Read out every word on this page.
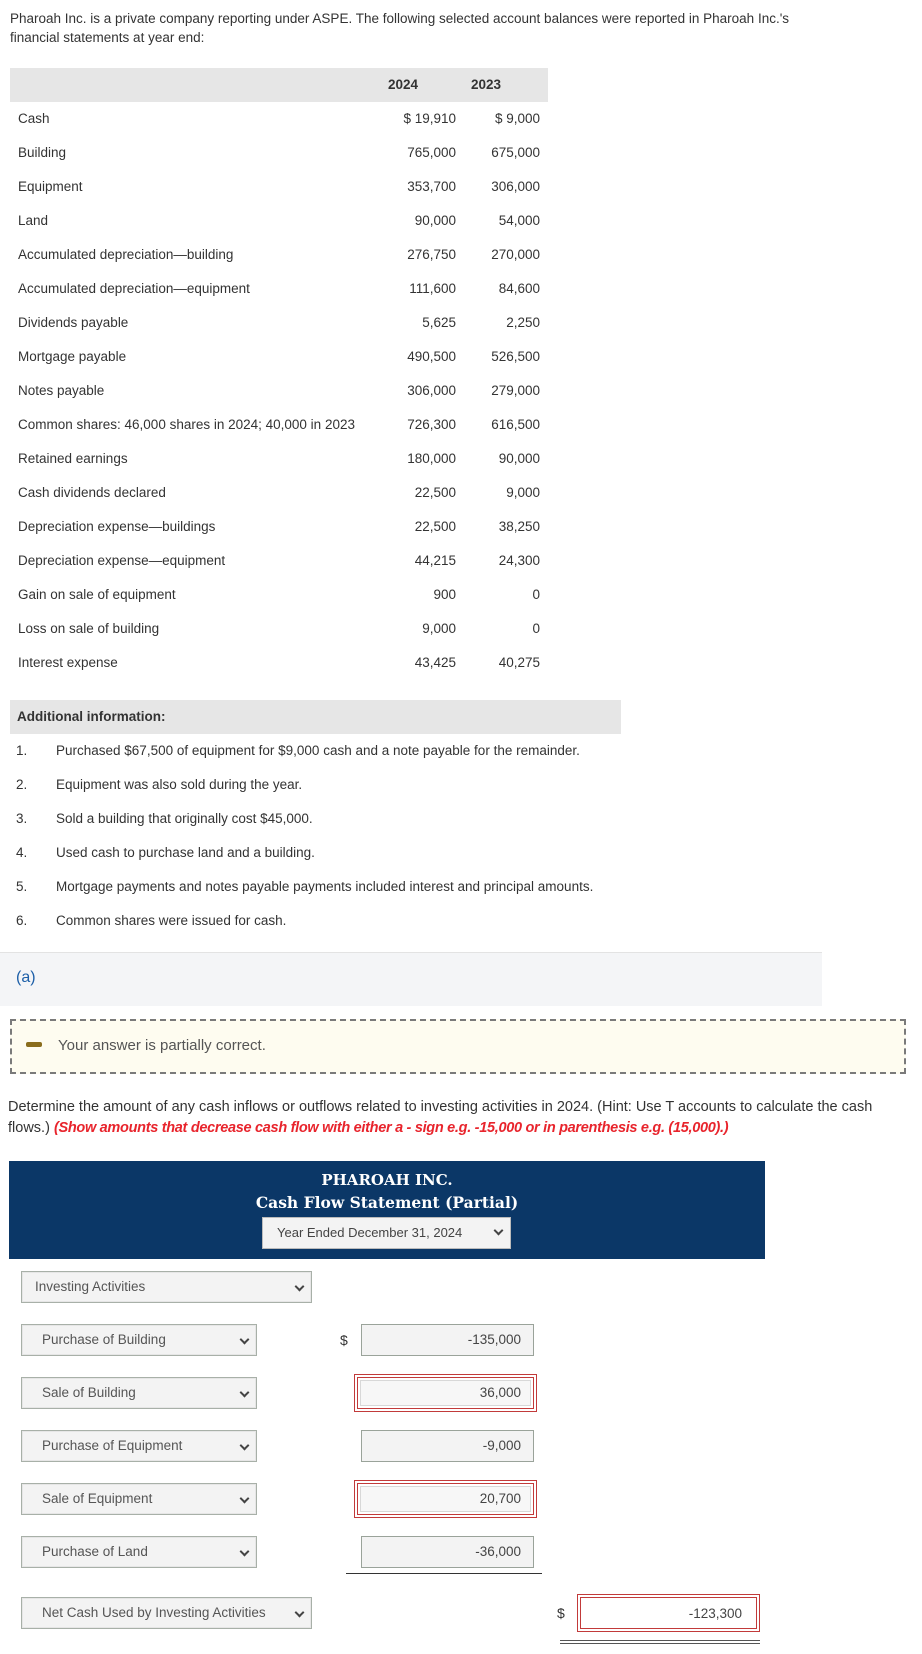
Pharoah Inc. is a private company reporting under ASPE. The following selected account balances were reported in Pharoah Inc.'s financial statements at year end:
2024	2023
Cash	$ 19,910	$ 9,000
Building	765,000	675,000
Equipment	353,700	306,000
Land	90,000	54,000
Accumulated depreciation—building	276,750	270,000
Accumulated depreciation—equipment	111,600	84,600
Dividends payable	5,625	2,250
Mortgage payable	490,500	526,500
Notes payable	306,000	279,000
Common shares: 46,000 shares in 2024; 40,000 in 2023	726,300	616,500
Retained earnings	180,000	90,000
Cash dividends declared	22,500	9,000
Depreciation expense—buildings	22,500	38,250
Depreciation expense—equipment	44,215	24,300
Gain on sale of equipment	900	0
Loss on sale of building	9,000	0
Interest expense	43,425	40,275
Additional information:
1. Purchased $67,500 of equipment for $9,000 cash and a note payable for the remainder.
2. Equipment was also sold during the year.
3. Sold a building that originally cost $45,000.
4. Used cash to purchase land and a building.
5. Mortgage payments and notes payable payments included interest and principal amounts.
6. Common shares were issued for cash.
(a)
Your answer is partially correct.
Determine the amount of any cash inflows or outflows related to investing activities in 2024. (Hint: Use T accounts to calculate the cash flows.) (Show amounts that decrease cash flow with either a - sign e.g. -15,000 or in parenthesis e.g. (15,000).)
PHAROAH INC.
Cash Flow Statement (Partial)
Year Ended December 31, 2024
Investing Activities
Purchase of Building	$	-135,000
Sale of Building	36,000
Purchase of Equipment	-9,000
Sale of Equipment	20,700
Purchase of Land	-36,000
Net Cash Used by Investing Activities	$	-123,300
